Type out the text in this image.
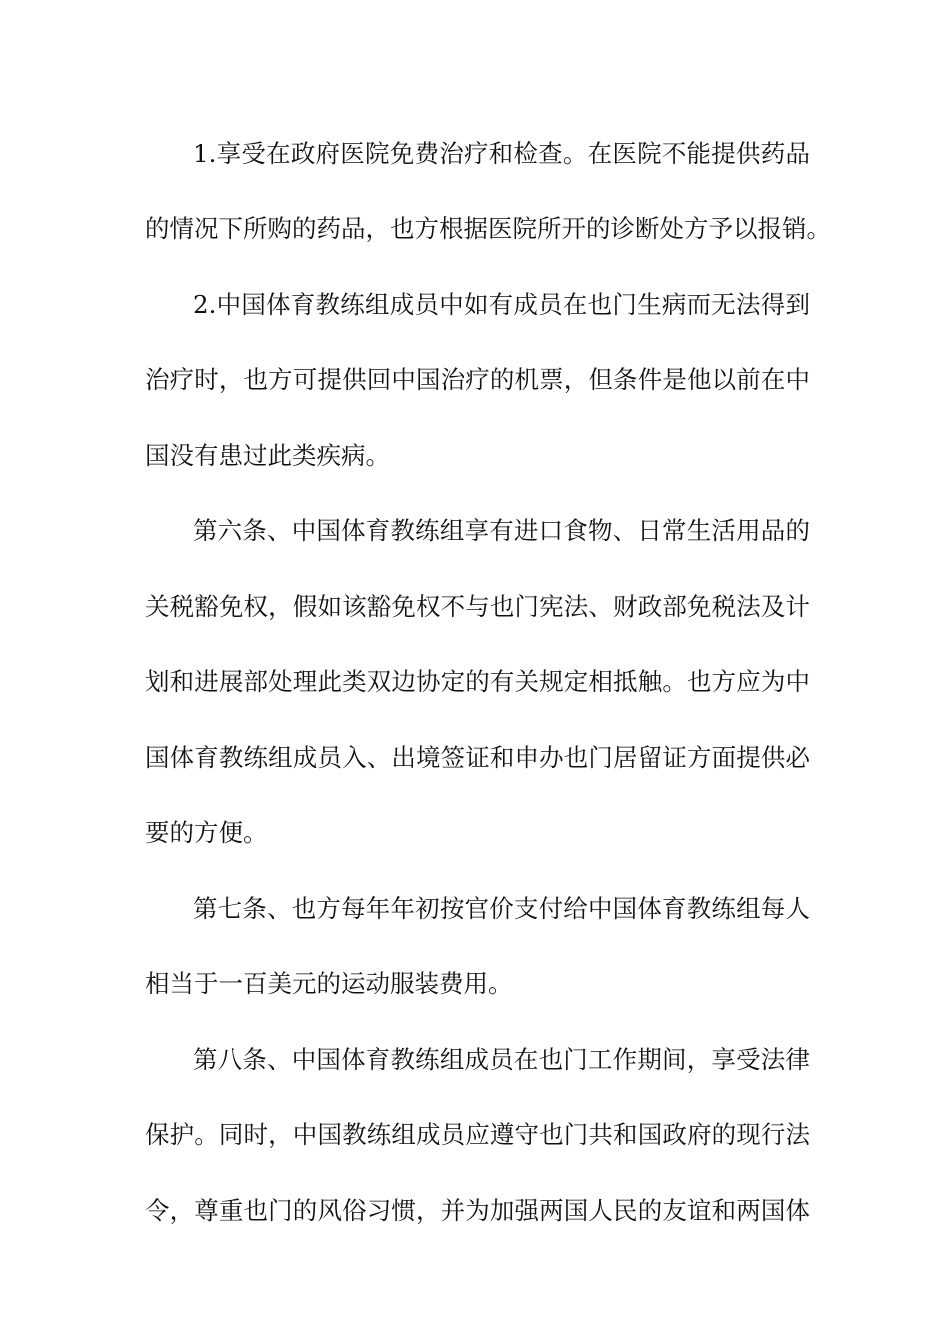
1.享受在政府医院免费治疗和检查。在医院不能提供药品
的情况下所购的药品，也方根据医院所开的诊断处方予以报销。
2.中国体育教练组成员中如有成员在也门生病而无法得到
治疗时，也方可提供回中国治疗的机票，但条件是他以前在中
国没有患过此类疾病。
第六条、中国体育教练组享有进口食物、日常生活用品的
关税豁免权，假如该豁免权不与也门宪法、财政部免税法及计
划和进展部处理此类双边协定的有关规定相抵触。也方应为中
国体育教练组成员入、出境签证和申办也门居留证方面提供必
要的方便。
第七条、也方每年年初按官价支付给中国体育教练组每人
相当于一百美元的运动服装费用。
第八条、中国体育教练组成员在也门工作期间，享受法律
保护。同时，中国教练组成员应遵守也门共和国政府的现行法
令，尊重也门的风俗习惯，并为加强两国人民的友谊和两国体
